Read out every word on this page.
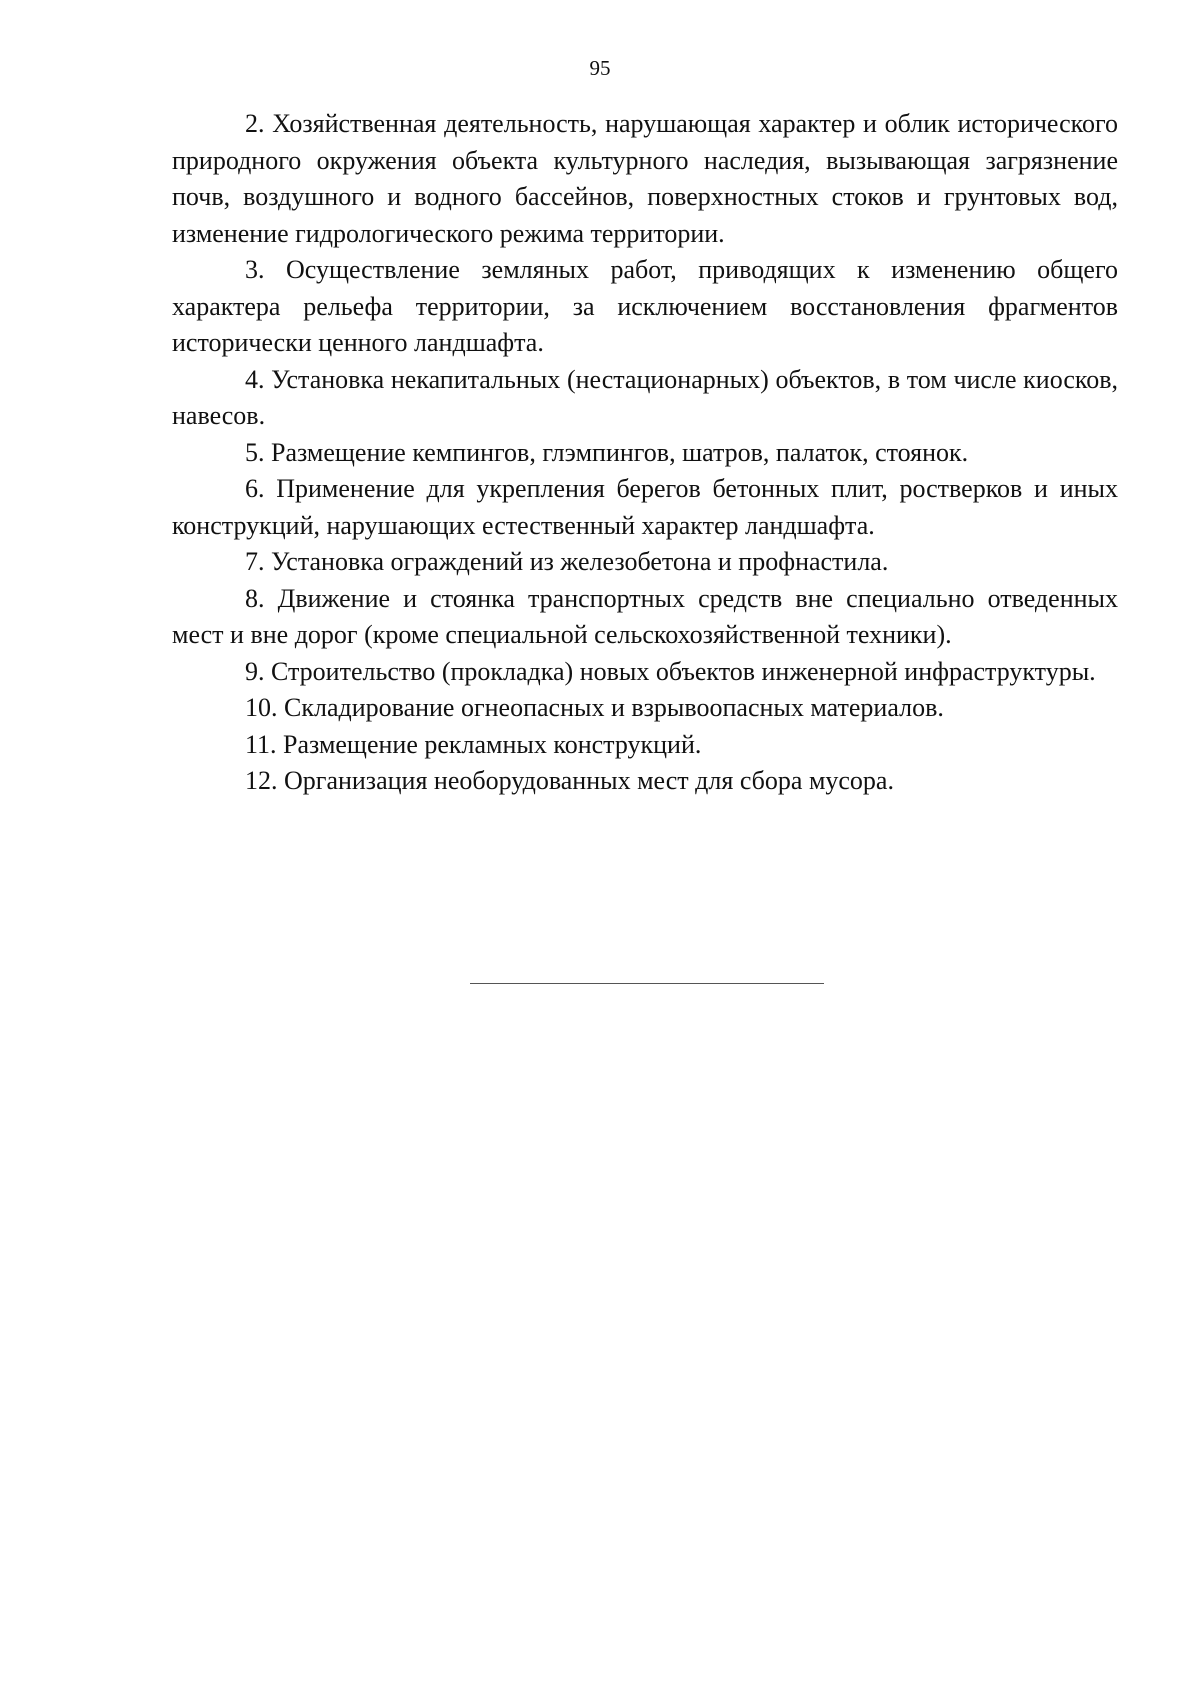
95

2. Хозяйственная деятельность, нарушающая характер и облик исторического природного окружения объекта культурного наследия, вызывающая загрязнение почв, воздушного и водного бассейнов, поверхностных стоков и грунтовых вод, изменение гидрологического режима территории.

3. Осуществление земляных работ, приводящих к изменению общего характера рельефа территории, за исключением восстановления фрагментов исторически ценного ландшафта.

4. Установка некапитальных (нестационарных) объектов, в том числе киосков, навесов.

5. Размещение кемпингов, глэмпингов, шатров, палаток, стоянок.

6. Применение для укрепления берегов бетонных плит, ростверков и иных конструкций, нарушающих естественный характер ландшафта.

7. Установка ограждений из железобетона и профнастила.

8. Движение и стоянка транспортных средств вне специально отведенных мест и вне дорог (кроме специальной сельскохозяйственной техники).

9. Строительство (прокладка) новых объектов инженерной инфраструктуры.

10. Складирование огнеопасных и взрывоопасных материалов.

11. Размещение рекламных конструкций.

12. Организация необорудованных мест для сбора мусора.
